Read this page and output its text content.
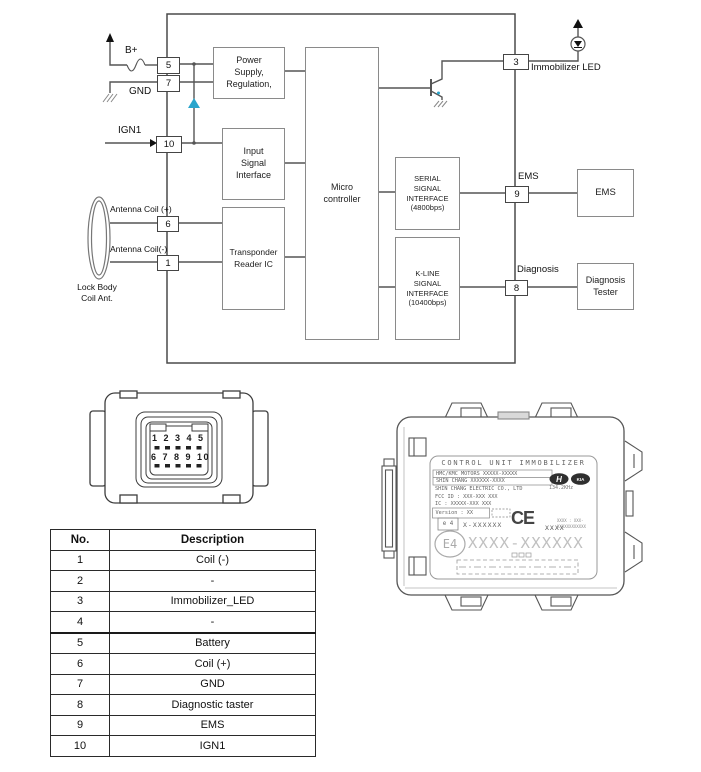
H	KIA
Power
Supply,
Regulation,
Input
Signal
Interface
Transponder
Reader IC
Micro
controller
SERIAL
SIGNAL
INTERFACE
(4800bps)
K-LINE
SIGNAL
INTERFACE
(10400bps)
EMS
Diagnosis
Tester
5
7
10
6
1
3
9
8
B+
GND
IGN1
Antenna Coil (+)
Antenna Coil(-)
Lock Body
Coil Ant.
Immobilizer LED
EMS
Diagnosis
1 2 3 4 5
6 7 8 9 10
CONTROL UNIT IMMOBILIZER
HMC/KMC MOTORS XXXXX-XXXXX
SHIN CHANG XXXXXX-XXXX
SHIN CHANG ELECTRIC CO., LTD
FCC ID : XXX-XXX XXX
IC : XXXXX-XXX XXX
Version : XX
e 4	X-XXXXXX CE XXXX
XXXX : XXX-
XXXXXXXXXXXX
E4 XXXX-XXXXXX
134.2KHz
No.	Description
1	Coil (-)
2	-
3	Immobilizer_LED
4	-
5	Battery
6	Coil (+)
7	GND
8	Diagnostic taster
9	EMS
10	IGN1
